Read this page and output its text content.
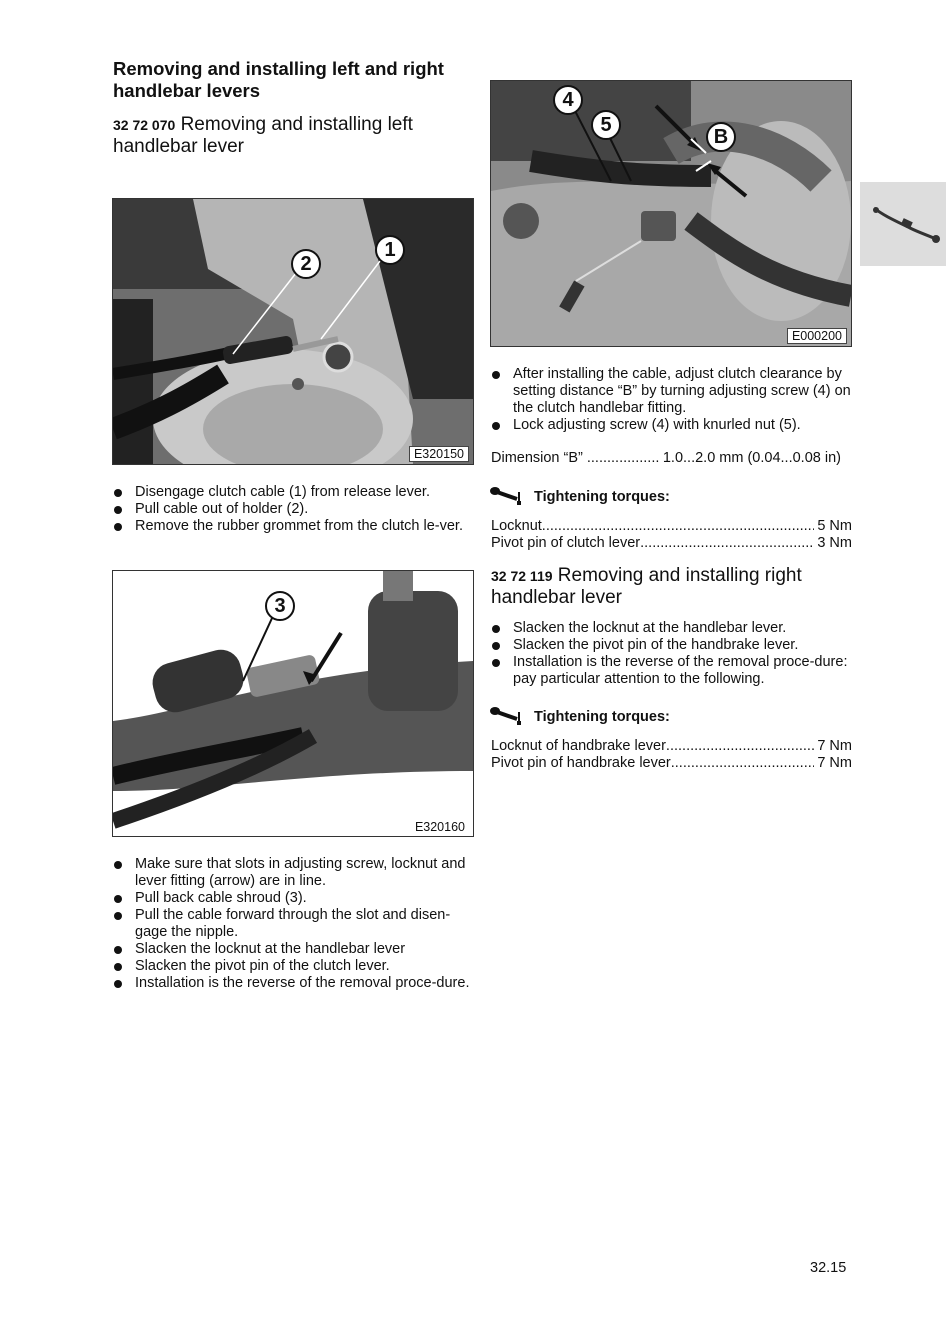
Removing and installing left and right handlebar levers
32 72 070 Removing and installing left handlebar lever
2
1
E320150
Disengage clutch cable (1) from release lever.
Pull cable out of holder (2).
Remove the rubber grommet from the clutch le-ver.
3
E320160
Make sure that slots in adjusting screw, locknut and lever fitting (arrow) are in line.
Pull back cable shroud (3).
Pull the cable forward through the slot and disen-gage the nipple.
Slacken the locknut at the handlebar lever
Slacken the pivot pin of the clutch lever.
Installation is the reverse of the removal proce-dure.
4
5
B
E000200
After installing the cable, adjust clutch clearance by setting distance “B” by turning adjusting screw (4) on the clutch handlebar fitting.
Lock adjusting screw (4) with knurled nut (5).
Dimension “B” .....	1.0...2.0 mm (0.04...0.08 in)
Tightening torques:
Locknut .....	5 Nm
Pivot pin of clutch lever .....	3 Nm
32 72 119 Removing and installing right handlebar lever
Slacken the locknut at the handlebar lever.
Slacken the pivot pin of the handbrake lever.
Installation is the reverse of the removal proce-dure: pay particular attention to the following.
Tightening torques:
Locknut of handbrake lever .....	7 Nm
Pivot pin of handbrake lever .....	7 Nm
32.15
